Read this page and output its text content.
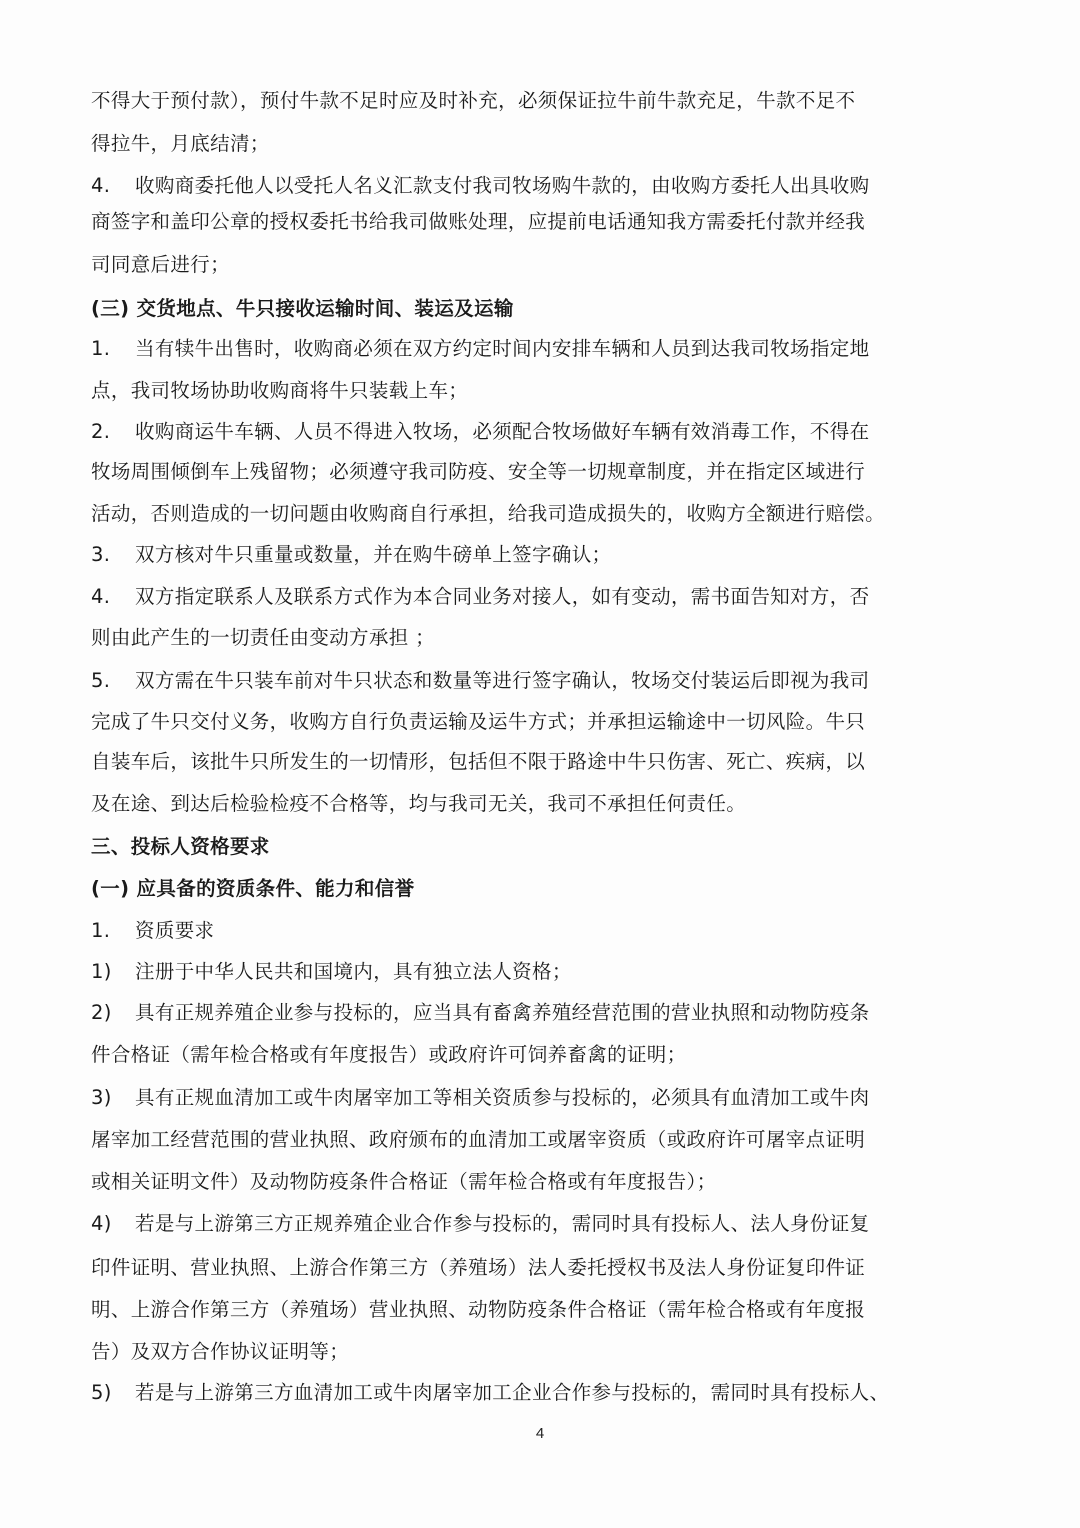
不得大于预付款），预付牛款不足时应及时补充，必须保证拉牛前牛款充足，牛款不足不
得拉牛，月底结清；
4. 收购商委托他人以受托人名义汇款支付我司牧场购牛款的，由收购方委托人出具收购
商签字和盖印公章的授权委托书给我司做账处理，应提前电话通知我方需委托付款并经我
司同意后进行；
(三) 交货地点、牛只接收运输时间、装运及运输
1. 当有犊牛出售时，收购商必须在双方约定时间内安排车辆和人员到达我司牧场指定地
点，我司牧场协助收购商将牛只装载上车；
2. 收购商运牛车辆、人员不得进入牧场，必须配合牧场做好车辆有效消毒工作，不得在
牧场周围倾倒车上残留物；必须遵守我司防疫、安全等一切规章制度，并在指定区域进行
活动，否则造成的一切问题由收购商自行承担，给我司造成损失的，收购方全额进行赔偿。
3. 双方核对牛只重量或数量，并在购牛磅单上签字确认；
4. 双方指定联系人及联系方式作为本合同业务对接人，如有变动，需书面告知对方，否
则由此产生的一切责任由变动方承担 ；
5. 双方需在牛只装车前对牛只状态和数量等进行签字确认，牧场交付装运后即视为我司
完成了牛只交付义务，收购方自行负责运输及运牛方式；并承担运输途中一切风险。牛只
自装车后，该批牛只所发生的一切情形，包括但不限于路途中牛只伤害、死亡、疾病，以
及在途、到达后检验检疫不合格等，均与我司无关，我司不承担任何责任。
三、投标人资格要求
(一) 应具备的资质条件、能力和信誉
1. 资质要求
1) 注册于中华人民共和国境内，具有独立法人资格；
2) 具有正规养殖企业参与投标的，应当具有畜禽养殖经营范围的营业执照和动物防疫条
件合格证（需年检合格或有年度报告）或政府许可饲养畜禽的证明；
3) 具有正规血清加工或牛肉屠宰加工等相关资质参与投标的，必须具有血清加工或牛肉
屠宰加工经营范围的营业执照、政府颁布的血清加工或屠宰资质（或政府许可屠宰点证明
或相关证明文件）及动物防疫条件合格证（需年检合格或有年度报告）；
4) 若是与上游第三方正规养殖企业合作参与投标的，需同时具有投标人、法人身份证复
印件证明、营业执照、上游合作第三方（养殖场）法人委托授权书及法人身份证复印件证
明、上游合作第三方（养殖场）营业执照、动物防疫条件合格证（需年检合格或有年度报
告）及双方合作协议证明等；
5) 若是与上游第三方血清加工或牛肉屠宰加工企业合作参与投标的，需同时具有投标人、
4
